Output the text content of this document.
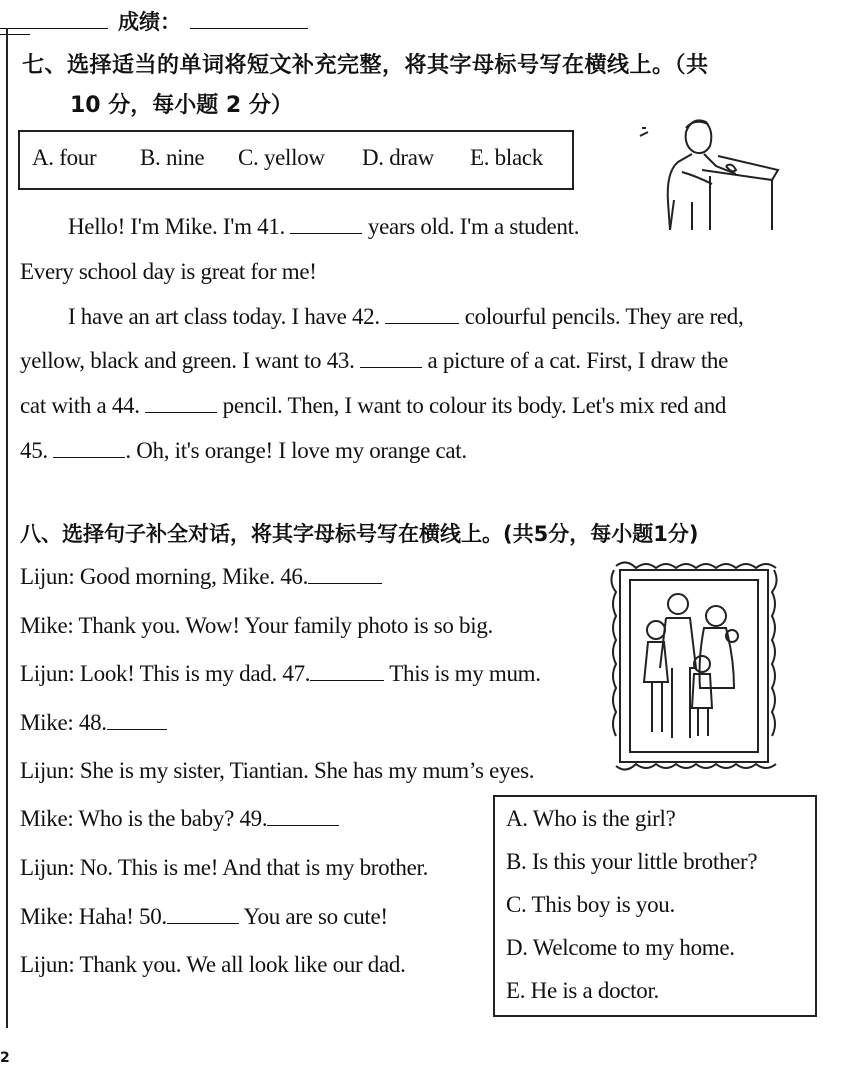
成绩：
七、选择适当的单词将短文补充完整，将其字母标号写在横线上。（共
10 分，每小题 2 分）
A. four B. nine C. yellow D. draw E. black
Hello! I'm Mike. I'm 41.	years old. I'm a student.
Every school day is great for me!
I have an art class today. I have 42.	colourful pencils. They are red,
yellow, black and green. I want to 43.	a picture of a cat. First, I draw the
cat with a 44.	pencil. Then, I want to colour its body. Let's mix red and
45.	. Oh, it's orange! I love my orange cat.
八、选择句子补全对话，将其字母标号写在横线上。(共5分，每小题1分)
Lijun: Good morning, Mike. 46.
Mike: Thank you. Wow! Your family photo is so big.
Lijun: Look! This is my dad. 47.	This is my mum.
Mike: 48.
Lijun: She is my sister, Tiantian. She has my mum’s eyes.
Mike: Who is the baby? 49.
Lijun: No. This is me! And that is my brother.
Mike: Haha! 50.	You are so cute!
Lijun: Thank you. We all look like our dad.
A. Who is the girl?
B. Is this your little brother?
C. This boy is you.
D. Welcome to my home.
E. He is a doctor.
2
